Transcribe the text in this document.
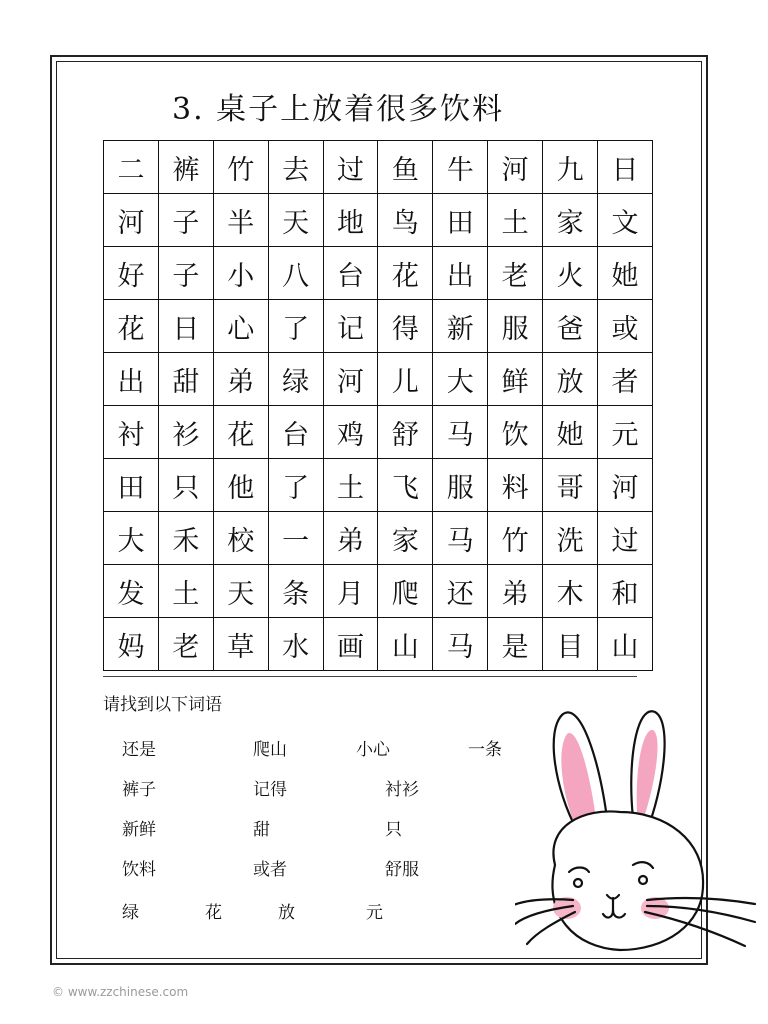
3. 桌子上放着很多饮料
二	裤	竹	去	过	鱼	牛	河	九	日
河	子	半	天	地	鸟	田	土	家	文
好	子	小	八	台	花	出	老	火	她
花	日	心	了	记	得	新	服	爸	或
出	甜	弟	绿	河	儿	大	鲜	放	者
衬	衫	花	台	鸡	舒	马	饮	她	元
田	只	他	了	土	飞	服	料	哥	河
大	禾	校	一	弟	家	马	竹	洗	过
发	土	天	条	月	爬	还	弟	木	和
妈	老	草	水	画	山	马	是	目	山
请找到以下词语
还是	爬山	小心	一条
裤子	记得	衬衫
新鲜	甜	只
饮料	或者	舒服
绿	花	放	元
© www.zzchinese.com
